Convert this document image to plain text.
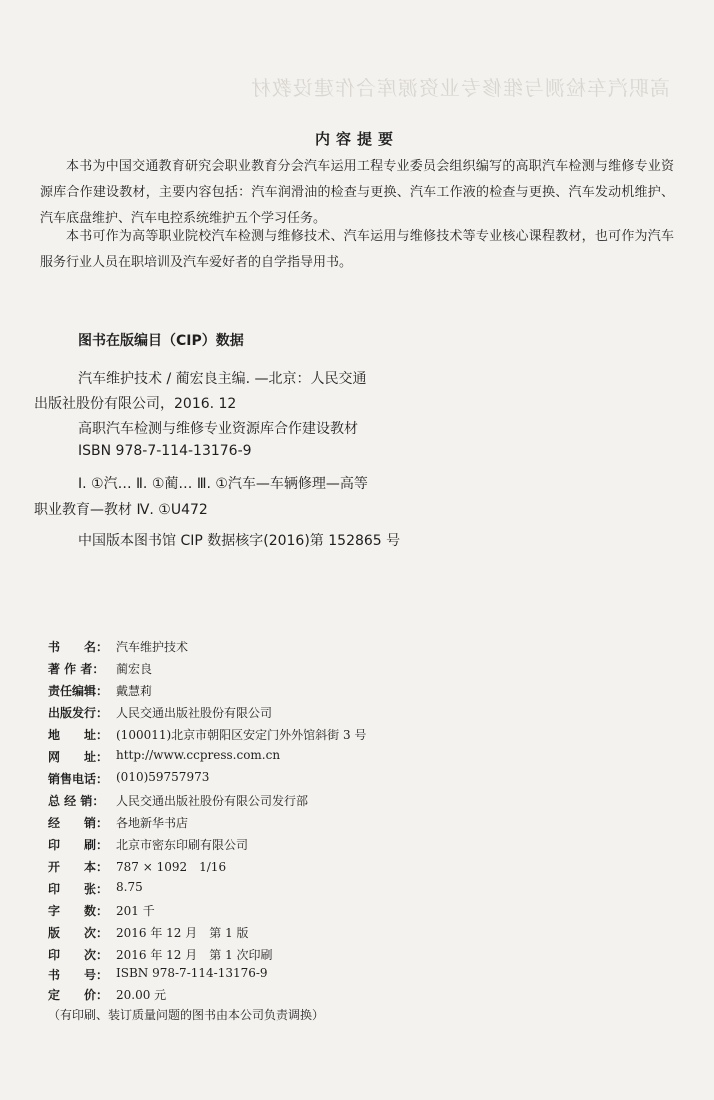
高职汽车检测与维修专业资源库合作建设教材
内容提要
本书为中国交通教育研究会职业教育分会汽车运用工程专业委员会组织编写的高职汽车检测与维修专业资源库合作建设教材，主要内容包括：汽车润滑油的检查与更换、汽车工作液的检查与更换、汽车发动机维护、汽车底盘维护、汽车电控系统维护五个学习任务。
本书可作为高等职业院校汽车检测与维修技术、汽车运用与维修技术等专业核心课程教材，也可作为汽车服务行业人员在职培训及汽车爱好者的自学指导用书。
图书在版编目（CIP）数据
汽车维护技术 / 蔺宏良主编. —北京：人民交通
出版社股份有限公司，2016. 12
高职汽车检测与维修专业资源库合作建设教材
ISBN 978-7-114-13176-9
Ⅰ. ①汽… Ⅱ. ①蔺… Ⅲ. ①汽车—车辆修理—高等
职业教育—教材 Ⅳ. ①U472
中国版本图书馆 CIP 数据核字(2016)第 152865 号
书　　名： 汽车维护技术
著 作 者： 蔺宏良
责任编辑： 戴慧莉
出版发行： 人民交通出版社股份有限公司
地　　址： (100011)北京市朝阳区安定门外外馆斜街 3 号
网　　址： http://www.ccpress.com.cn
销售电话： (010)59757973
总 经 销： 人民交通出版社股份有限公司发行部
经　　销： 各地新华书店
印　　刷： 北京市密东印刷有限公司
开　　本： 787 × 1092　1/16
印　　张： 8.75
字　　数： 201 千
版　　次： 2016 年 12 月　第 1 版
印　　次： 2016 年 12 月　第 1 次印刷
书　　号： ISBN 978-7-114-13176-9
定　　价： 20.00 元
（有印刷、装订质量问题的图书由本公司负责调换）
